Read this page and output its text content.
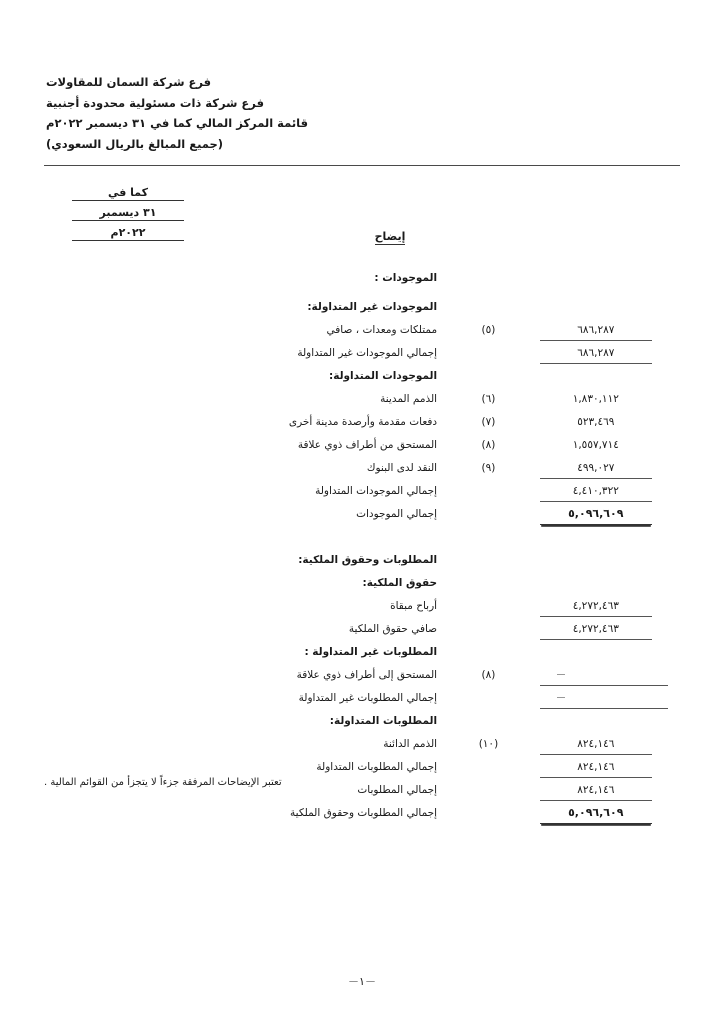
فرع شركة السمان للمقاولات
فرع شركة ذات مسئولية محدودة أجنبية
قائمة المركز المالي كما في ٣١ ديسمبر ٢٠٢٢م
(جميع المبالغ بالريال السعودي)
كما في
٣١ ديسمبر
٢٠٢٢م	إيضاح
الموجودات :
الموجودات غير المتداولة:
ممتلكات ومعدات ، صافي	(٥)	٦٨٦,٢٨٧
إجمالي الموجودات غير المتداولة	٦٨٦,٢٨٧
الموجودات المتداولة:
الذمم المدينة	(٦)	١,٨٣٠,١١٢
دفعات مقدمة وأرصدة مدينة أخرى	(٧)	٥٢٣,٤٦٩
المستحق من أطراف ذوي علاقة	(٨)	١,٥٥٧,٧١٤
النقد لدى البنوك	(٩)	٤٩٩,٠٢٧
إجمالي الموجودات المتداولة	٤,٤١٠,٣٢٢
إجمالي الموجودات	٥,٠٩٦,٦٠٩
المطلوبات وحقوق الملكية:
حقوق الملكية:
أرباح مبقاة	٤,٢٧٢,٤٦٣
صافي حقوق الملكية	٤,٢٧٢,٤٦٣
المطلوبات غير المتداولة :
المستحق إلى أطراف ذوي علاقة	(٨)	－
إجمالي المطلوبات غير المتداولة	－
المطلوبات المتداولة:
الذمم الدائنة	(١٠)	٨٢٤,١٤٦
إجمالي المطلوبات المتداولة	٨٢٤,١٤٦
إجمالي المطلوبات	٨٢٤,١٤٦
إجمالي المطلوبات وحقوق الملكية	٥,٠٩٦,٦٠٩
تعتبر الإيضاحات المرفقة جزءاً لا يتجزأ من القوائم المالية .
－١－
